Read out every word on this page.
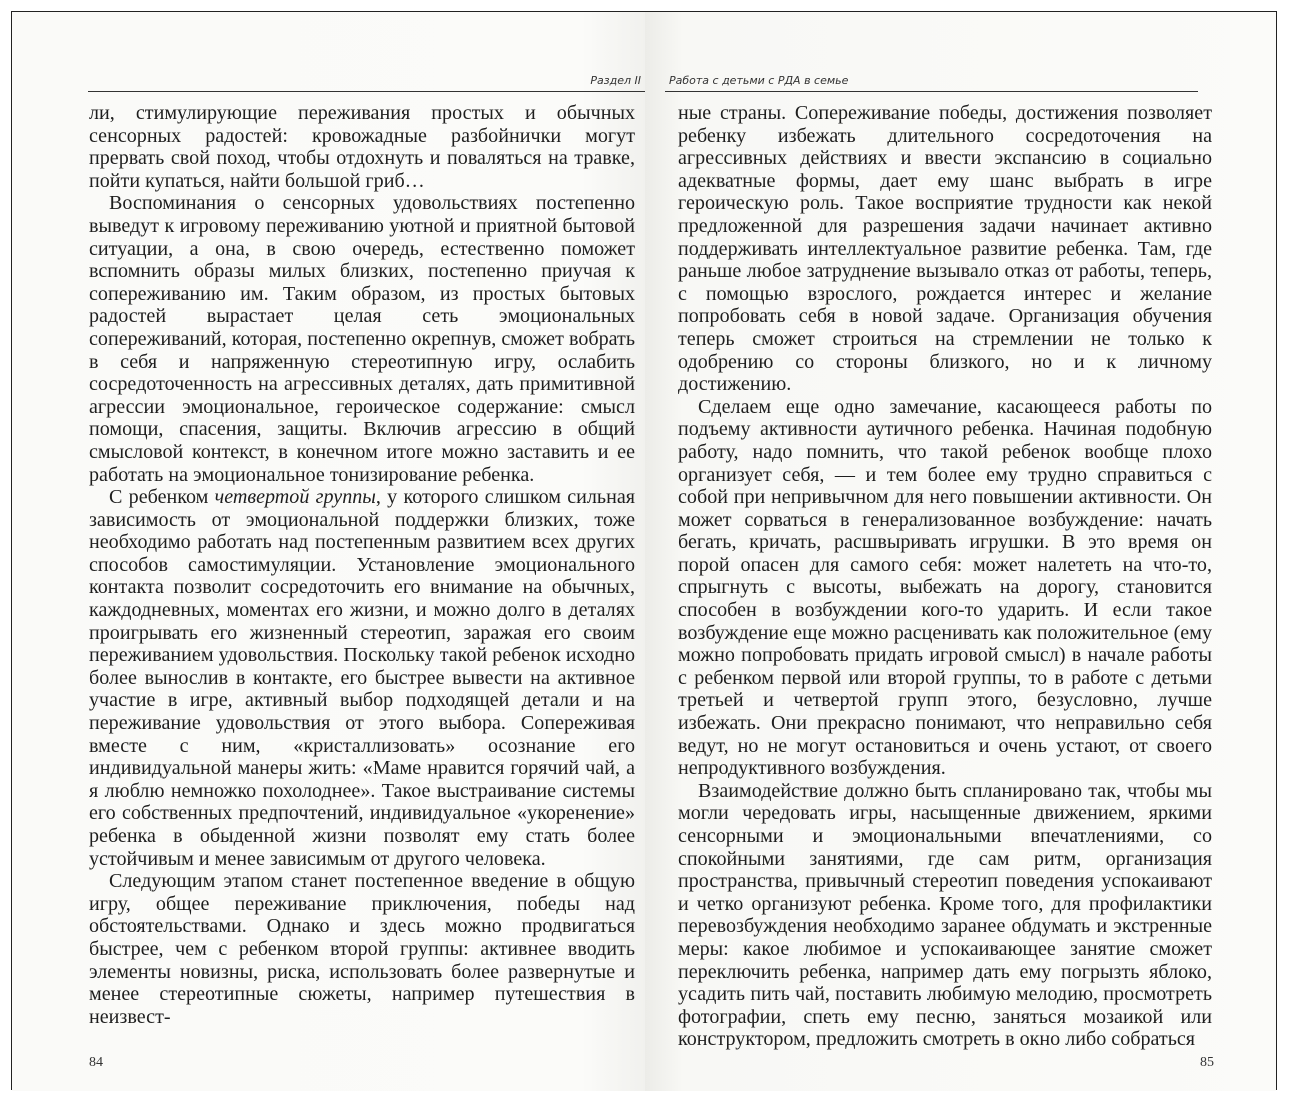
Раздел II

ли, стимулирующие переживания простых и обычных сенсорных радостей: кровожадные разбойнички могут прервать свой поход, чтобы отдохнуть и поваляться на травке, пойти купаться, найти большой гриб…

Воспоминания о сенсорных удовольствиях постепенно выведут к игровому переживанию уютной и приятной бытовой ситуации, а она, в свою очередь, естественно поможет вспомнить образы милых близких, постепенно приучая к сопереживанию им. Таким образом, из простых бытовых радостей вырастает целая сеть эмоциональных сопереживаний, которая, постепенно окрепнув, сможет вобрать в себя и напряженную стереотипную игру, ослабить сосредоточенность на агрессивных деталях, дать примитивной агрессии эмоциональное, героическое содержание: смысл помощи, спасения, защиты. Включив агрессию в общий смысловой контекст, в конечном итоге можно заставить и ее работать на эмоциональное тонизирование ребенка.

С ребенком четвертой группы, у которого слишком сильная зависимость от эмоциональной поддержки близких, тоже необходимо работать над постепенным развитием всех других способов самостимуляции. Установление эмоционального контакта позволит сосредоточить его внимание на обычных, каждодневных, моментах его жизни, и можно долго в деталях проигрывать его жизненный стереотип, заражая его своим переживанием удовольствия. Поскольку такой ребенок исходно более вынослив в контакте, его быстрее вывести на активное участие в игре, активный выбор подходящей детали и на переживание удовольствия от этого выбора. Сопереживая вместе с ним, «кристаллизовать» осознание его индивидуальной манеры жить: «Маме нравится горячий чай, а я люблю немножко похолоднее». Такое выстраивание системы его собственных предпочтений, индивидуальное «укоренение» ребенка в обыденной жизни позволят ему стать более устойчивым и менее зависимым от другого человека.

Следующим этапом станет постепенное введение в общую игру, общее переживание приключения, победы над обстоятельствами. Однако и здесь можно продвигаться быстрее, чем с ребенком второй группы: активнее вводить элементы новизны, риска, использовать более развернутые и менее стереотипные сюжеты, например путешествия в неизвест-

84
Работа с детьми с РДА в семье

ные страны. Сопереживание победы, достижения позволяет ребенку избежать длительного сосредоточения на агрессивных действиях и ввести экспансию в социально адекватные формы, дает ему шанс выбрать в игре героическую роль. Такое восприятие трудности как некой предложенной для разрешения задачи начинает активно поддерживать интеллектуальное развитие ребенка. Там, где раньше любое затруднение вызывало отказ от работы, теперь, с помощью взрослого, рождается интерес и желание попробовать себя в новой задаче. Организация обучения теперь сможет строиться на стремлении не только к одобрению со стороны близкого, но и к личному достижению.

Сделаем еще одно замечание, касающееся работы по подъему активности аутичного ребенка. Начиная подобную работу, надо помнить, что такой ребенок вообще плохо организует себя, — и тем более ему трудно справиться с собой при непривычном для него повышении активности. Он может сорваться в генерализованное возбуждение: начать бегать, кричать, расшвыривать игрушки. В это время он порой опасен для самого себя: может налететь на что-то, спрыгнуть с высоты, выбежать на дорогу, становится способен в возбуждении кого-то ударить. И если такое возбуждение еще можно расценивать как положительное (ему можно попробовать придать игровой смысл) в начале работы с ребенком первой или второй группы, то в работе с детьми третьей и четвертой групп этого, безусловно, лучше избежать. Они прекрасно понимают, что неправильно себя ведут, но не могут остановиться и очень устают, от своего непродуктивного возбуждения.

Взаимодействие должно быть спланировано так, чтобы мы могли чередовать игры, насыщенные движением, яркими сенсорными и эмоциональными впечатлениями, со спокойными занятиями, где сам ритм, организация пространства, привычный стереотип поведения успокаивают и четко организуют ребенка. Кроме того, для профилактики перевозбуждения необходимо заранее обдумать и экстренные меры: какое любимое и успокаивающее занятие сможет переключить ребенка, например дать ему погрызть яблоко, усадить пить чай, поставить любимую мелодию, просмотреть фотографии, спеть ему песню, заняться мозаикой или конструктором, предложить смотреть в окно либо собраться

85
